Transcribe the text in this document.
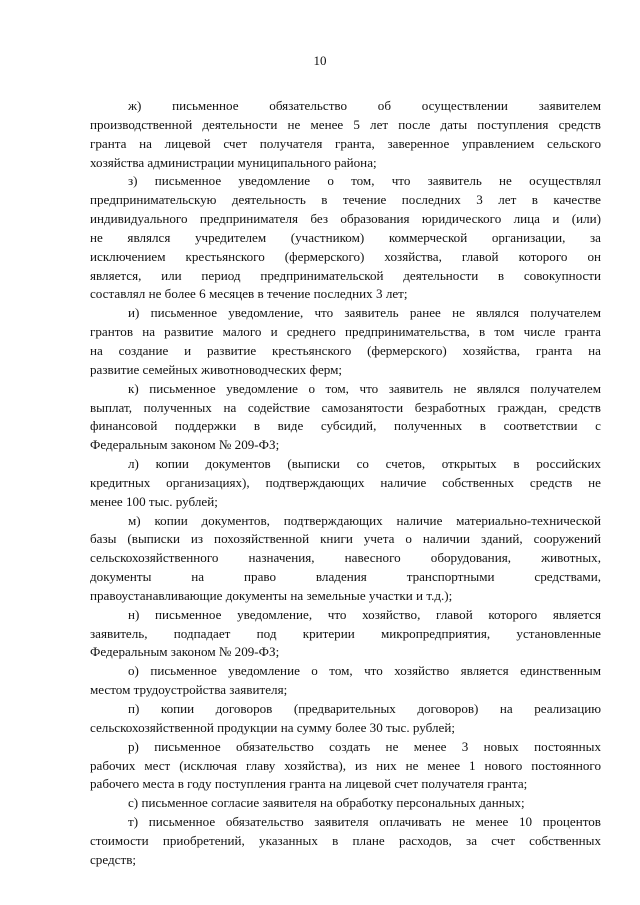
10
ж) письменное обязательство об осуществлении заявителем
производственной деятельности не менее 5 лет после даты поступления средств
гранта на лицевой счет получателя гранта, заверенное управлением сельского
хозяйства администрации муниципального района;
з) письменное уведомление о том, что заявитель не осуществлял
предпринимательскую деятельность в течение последних 3 лет в качестве
индивидуального предпринимателя без образования юридического лица и (или)
не являлся учредителем (участником) коммерческой организации, за
исключением крестьянского (фермерского) хозяйства, главой которого он
является, или период предпринимательской деятельности в совокупности
составлял не более 6 месяцев в течение последних 3 лет;
и) письменное уведомление, что заявитель ранее не являлся получателем
грантов на развитие малого и среднего предпринимательства, в том числе гранта
на создание и развитие крестьянского (фермерского) хозяйства, гранта на
развитие семейных животноводческих ферм;
к) письменное уведомление о том, что заявитель не являлся получателем
выплат, полученных на содействие самозанятости безработных граждан, средств
финансовой поддержки в виде субсидий, полученных в соответствии с
Федеральным законом № 209-ФЗ;
л) копии документов (выписки со счетов, открытых в российских
кредитных организациях), подтверждающих наличие собственных средств не
менее 100 тыс. рублей;
м) копии документов, подтверждающих наличие материально-технической
базы (выписки из похозяйственной книги учета о наличии зданий, сооружений
сельскохозяйственного назначения, навесного оборудования, животных,
документы на право владения транспортными средствами,
правоустанавливающие документы на земельные участки и т.д.);
н) письменное уведомление, что хозяйство, главой которого является
заявитель, подпадает под критерии микропредприятия, установленные
Федеральным законом № 209-ФЗ;
о) письменное уведомление о том, что хозяйство является единственным
местом трудоустройства заявителя;
п) копии договоров (предварительных договоров) на реализацию
сельскохозяйственной продукции на сумму более 30 тыс. рублей;
р) письменное обязательство создать не менее 3 новых постоянных
рабочих мест (исключая главу хозяйства), из них не менее 1 нового постоянного
рабочего места в году поступления гранта на лицевой счет получателя гранта;
с) письменное согласие заявителя на обработку персональных данных;
т) письменное обязательство заявителя оплачивать не менее 10 процентов
стоимости приобретений, указанных в плане расходов, за счет собственных
средств;
